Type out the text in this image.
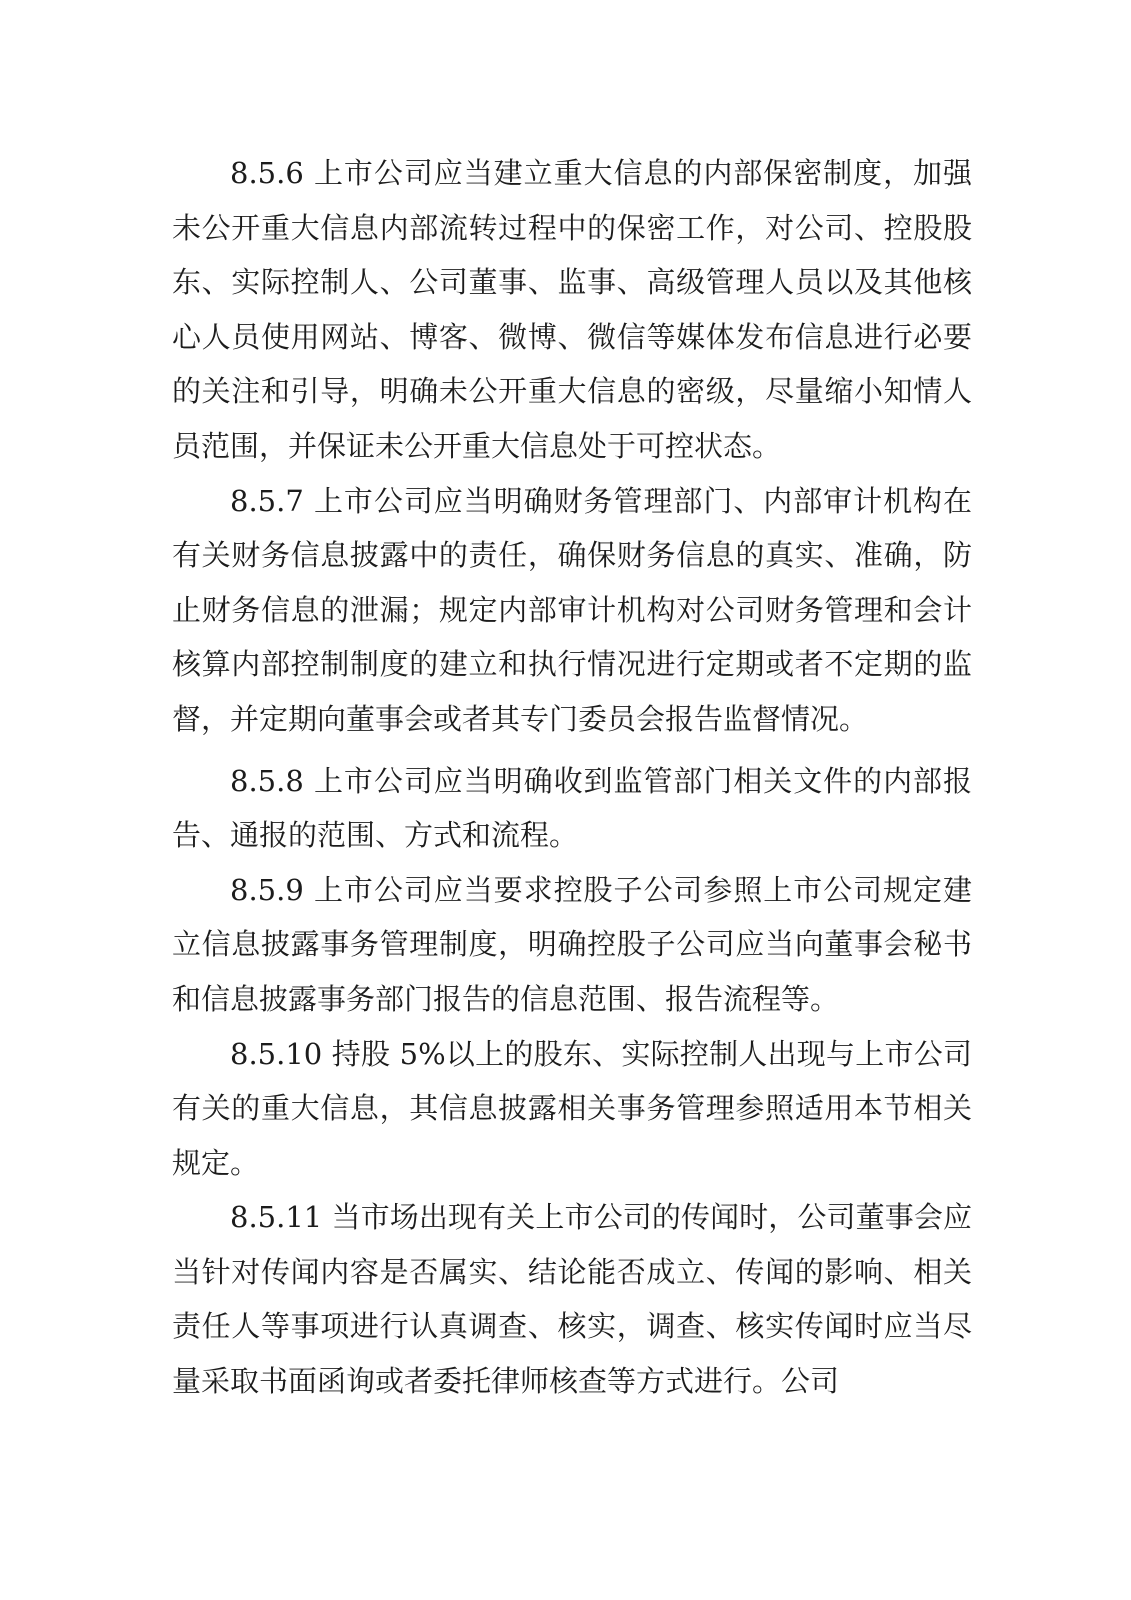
8.5.6 上市公司应当建立重大信息的内部保密制度，加强未公开重大信息内部流转过程中的保密工作，对公司、控股股东、实际控制人、公司董事、监事、高级管理人员以及其他核心人员使用网站、博客、微博、微信等媒体发布信息进行必要的关注和引导，明确未公开重大信息的密级，尽量缩小知情人员范围，并保证未公开重大信息处于可控状态。

8.5.7 上市公司应当明确财务管理部门、内部审计机构在有关财务信息披露中的责任，确保财务信息的真实、准确，防止财务信息的泄漏；规定内部审计机构对公司财务管理和会计核算内部控制制度的建立和执行情况进行定期或者不定期的监督，并定期向董事会或者其专门委员会报告监督情况。

8.5.8 上市公司应当明确收到监管部门相关文件的内部报告、通报的范围、方式和流程。

8.5.9 上市公司应当要求控股子公司参照上市公司规定建立信息披露事务管理制度，明确控股子公司应当向董事会秘书和信息披露事务部门报告的信息范围、报告流程等。

8.5.10 持股 5%以上的股东、实际控制人出现与上市公司有关的重大信息，其信息披露相关事务管理参照适用本节相关规定。

8.5.11 当市场出现有关上市公司的传闻时，公司董事会应当针对传闻内容是否属实、结论能否成立、传闻的影响、相关责任人等事项进行认真调查、核实，调查、核实传闻时应当尽量采取书面函询或者委托律师核查等方式进行。公司
